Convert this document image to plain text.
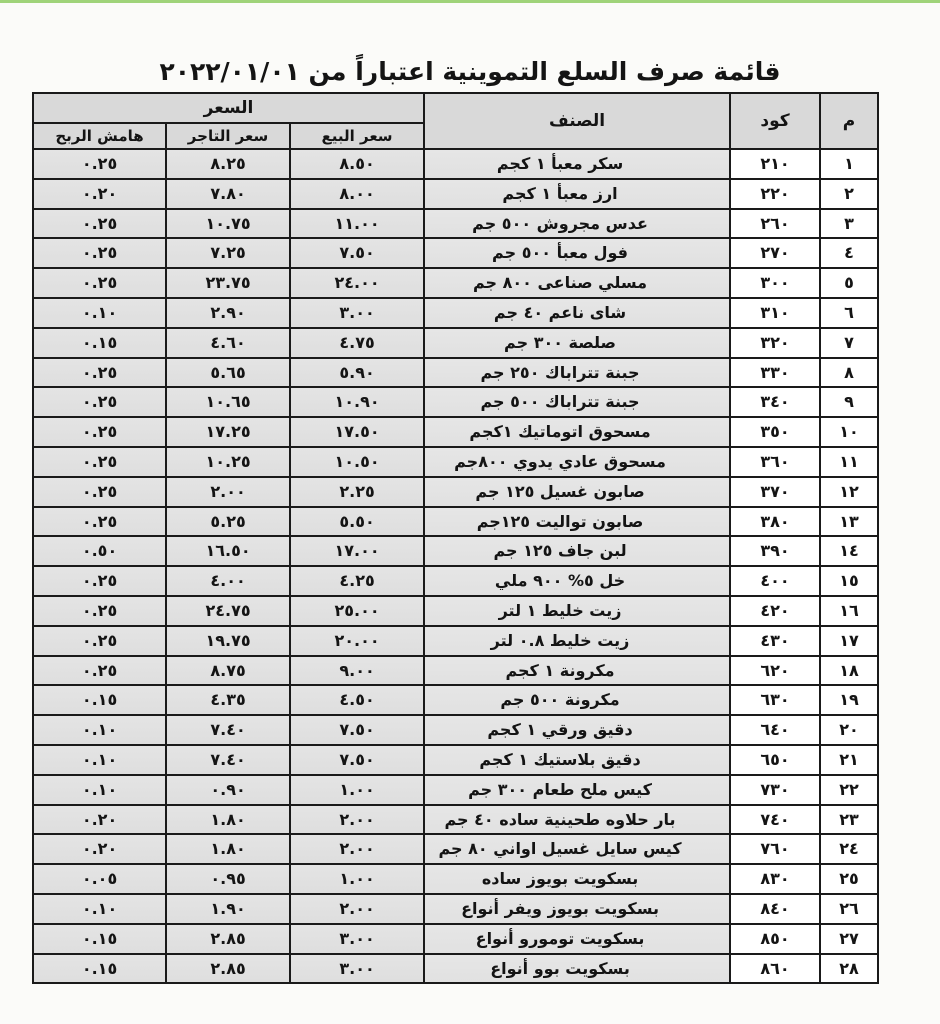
قائمة صرف السلع التموينية اعتباراً من ٢٠٢٢/٠١/٠١
م	كود	الصنف	السعر		
			سعر البيع	سعر التاجر	هامش الربح
١	٢١٠	سكر معبأ ١ كجم	٨.٥٠	٨.٢٥	٠.٢٥
٢	٢٢٠	ارز معبأ ١ كجم	٨.٠٠	٧.٨٠	٠.٢٠
٣	٢٦٠	عدس مجروش ٥٠٠ جم	١١.٠٠	١٠.٧٥	٠.٢٥
٤	٢٧٠	فول معبأ ٥٠٠ جم	٧.٥٠	٧.٢٥	٠.٢٥
٥	٣٠٠	مسلي صناعى ٨٠٠ جم	٢٤.٠٠	٢٣.٧٥	٠.٢٥
٦	٣١٠	شاى ناعم ٤٠ جم	٣.٠٠	٢.٩٠	٠.١٠
٧	٣٢٠	صلصة ٣٠٠ جم	٤.٧٥	٤.٦٠	٠.١٥
٨	٣٣٠	جبنة تتراباك ٢٥٠ جم	٥.٩٠	٥.٦٥	٠.٢٥
٩	٣٤٠	جبنة تتراباك ٥٠٠ جم	١٠.٩٠	١٠.٦٥	٠.٢٥
١٠	٣٥٠	مسحوق اتوماتيك ١كجم	١٧.٥٠	١٧.٢٥	٠.٢٥
١١	٣٦٠	مسحوق عادي يدوي ٨٠٠جم	١٠.٥٠	١٠.٢٥	٠.٢٥
١٢	٣٧٠	صابون غسيل ١٢٥ جم	٢.٢٥	٢.٠٠	٠.٢٥
١٣	٣٨٠	صابون تواليت ١٢٥جم	٥.٥٠	٥.٢٥	٠.٢٥
١٤	٣٩٠	لبن جاف ١٢٥ جم	١٧.٠٠	١٦.٥٠	٠.٥٠
١٥	٤٠٠	خل ٥% ٩٠٠ ملي	٤.٢٥	٤.٠٠	٠.٢٥
١٦	٤٢٠	زيت خليط ١ لتر	٢٥.٠٠	٢٤.٧٥	٠.٢٥
١٧	٤٣٠	زيت خليط ٠.٨ لتر	٢٠.٠٠	١٩.٧٥	٠.٢٥
١٨	٦٢٠	مكرونة ١ كجم	٩.٠٠	٨.٧٥	٠.٢٥
١٩	٦٣٠	مكرونة ٥٠٠ جم	٤.٥٠	٤.٣٥	٠.١٥
٢٠	٦٤٠	دقيق ورقي ١ كجم	٧.٥٠	٧.٤٠	٠.١٠
٢١	٦٥٠	دقيق بلاستيك ١ كجم	٧.٥٠	٧.٤٠	٠.١٠
٢٢	٧٣٠	كيس ملح طعام ٣٠٠ جم	١.٠٠	٠.٩٠	٠.١٠
٢٣	٧٤٠	بار حلاوه طحينية ساده ٤٠ جم	٢.٠٠	١.٨٠	٠.٢٠
٢٤	٧٦٠	كيس سايل غسيل اواني ٨٠ جم	٢.٠٠	١.٨٠	٠.٢٠
٢٥	٨٣٠	بسكويت بويوز ساده	١.٠٠	٠.٩٥	٠.٠٥
٢٦	٨٤٠	بسكويت بويوز ويفر أنواع	٢.٠٠	١.٩٠	٠.١٠
٢٧	٨٥٠	بسكويت تومورو أنواع	٣.٠٠	٢.٨٥	٠.١٥
٢٨	٨٦٠	بسكويت بوو أنواع	٣.٠٠	٢.٨٥	٠.١٥
